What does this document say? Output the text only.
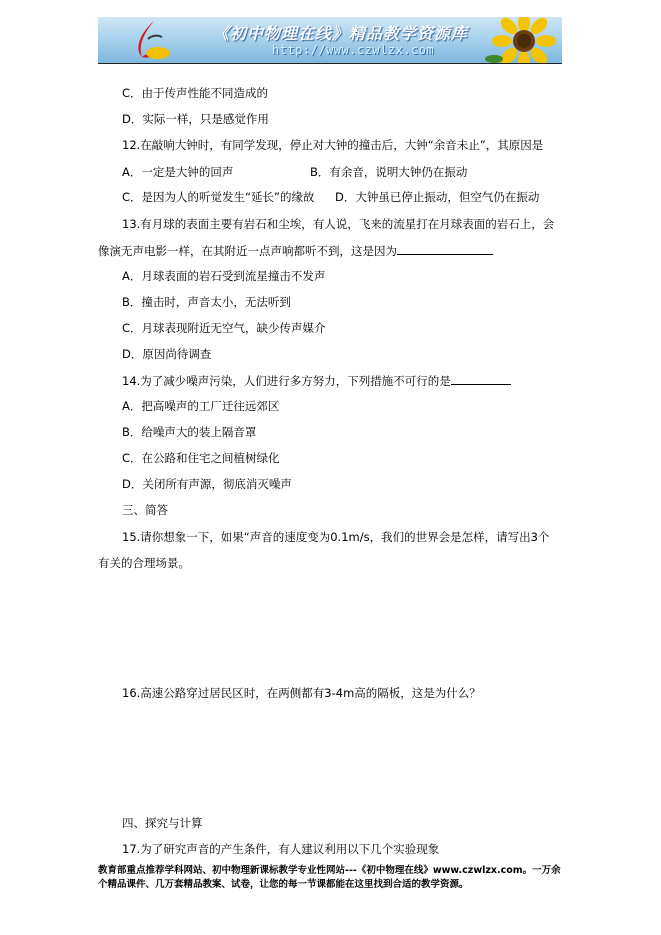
《初中物理在线》精品教学资源库
http://www.czwlzx.com
C．由于传声性能不同造成的
D．实际一样，只是感觉作用
12.在敲响大钟时，有同学发现，停止对大钟的撞击后，大钟“余音未止”，其原因是
A．一定是大钟的回声	B．有余音，说明大钟仍在振动
C．是因为人的听觉发生“延长”的缘故 D．大钟虽已停止振动，但空气仍在振动
13.有月球的表面主要有岩石和尘埃，有人说，飞来的流星打在月球表面的岩石上，会
像演无声电影一样，在其附近一点声响都听不到，这是因为
A．月球表面的岩石受到流星撞击不发声
B．撞击时，声音太小，无法听到
C．月球表现附近无空气，缺少传声媒介
D．原因尚待调查
14.为了减少噪声污染，人们进行多方努力，下列措施不可行的是
A．把高噪声的工厂迁往远郊区
B．给噪声大的装上隔音罩
C．在公路和住宅之间植树绿化
D．关闭所有声源，彻底消灭噪声
三、简答
15.请你想象一下，如果“声音的速度变为0.1m/s，我们的世界会是怎样，请写出3个
有关的合理场景。
16.高速公路穿过居民区时，在两侧都有3-4m高的隔板，这是为什么？
四、探究与计算
17.为了研究声音的产生条件，有人建议利用以下几个实验现象
教育部重点推荐学科网站、初中物理新课标教学专业性网站---《初中物理在线》www.czwlzx.com。一万余
个精品课件、几万套精品教案、试卷，让您的每一节课都能在这里找到合适的教学资源。
